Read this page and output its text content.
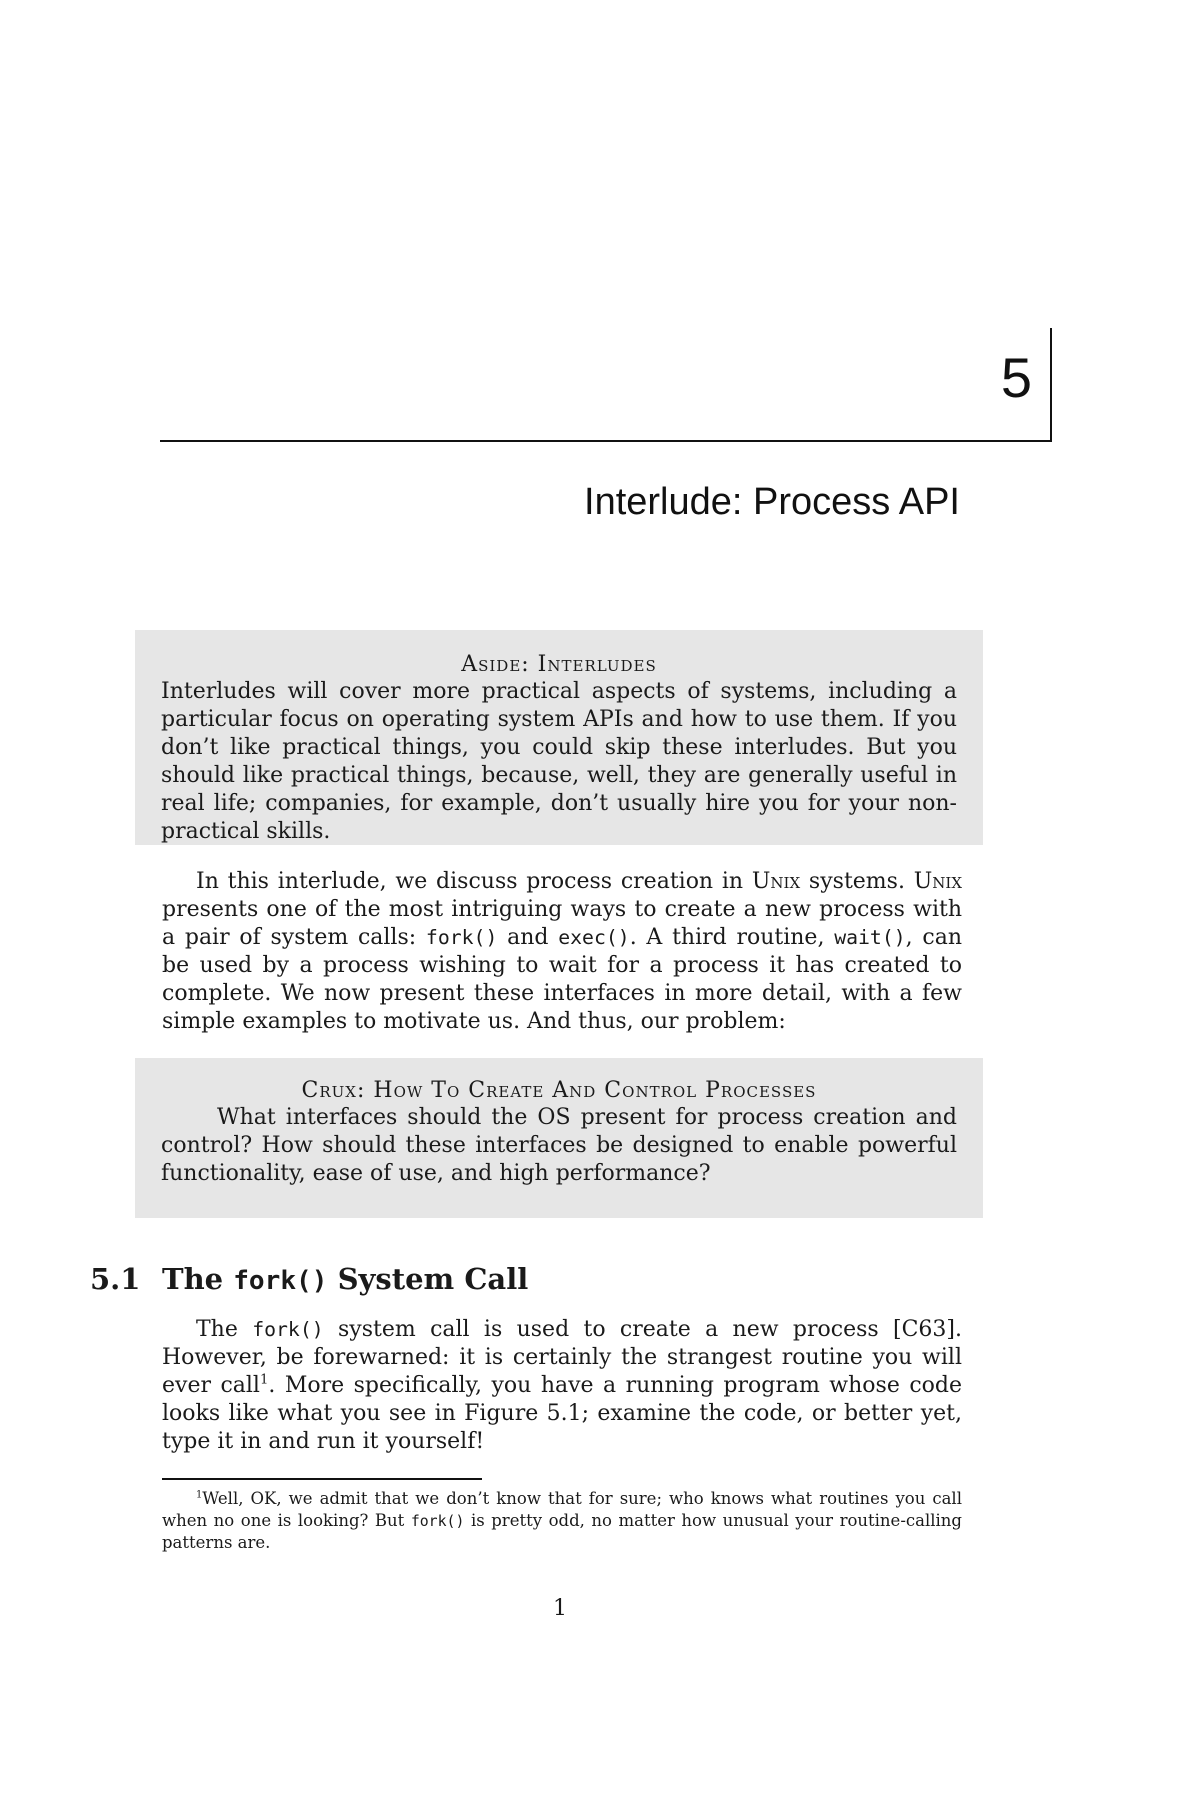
5
Interlude: Process API

Aside: Interludes

Interludes will cover more practical aspects of systems, including a particular focus on operating system APIs and how to use them. If you don’t like practical things, you could skip these interludes. But you should like practical things, because, well, they are generally useful in real life; companies, for example, don’t usually hire you for your non-practical skills.

In this interlude, we discuss process creation in Unix systems. Unix presents one of the most intriguing ways to create a new process with a pair of system calls: fork() and exec(). A third routine, wait(), can be used by a process wishing to wait for a process it has created to complete. We now present these interfaces in more detail, with a few simple examples to motivate us. And thus, our problem:

Crux: How To Create And Control Processes

What interfaces should the OS present for process creation and control? How should these interfaces be designed to enable powerful functionality, ease of use, and high performance?

5.1 The fork() System Call

The fork() system call is used to create a new process [C63]. However, be forewarned: it is certainly the strangest routine you will ever call$^1$. More specifically, you have a running program whose code looks like what you see in Figure 5.1; examine the code, or better yet, type it in and run it yourself!

$^1$Well, OK, we admit that we don’t know that for sure; who knows what routines you call when no one is looking? But fork() is pretty odd, no matter how unusual your routine-calling patterns are.

1
